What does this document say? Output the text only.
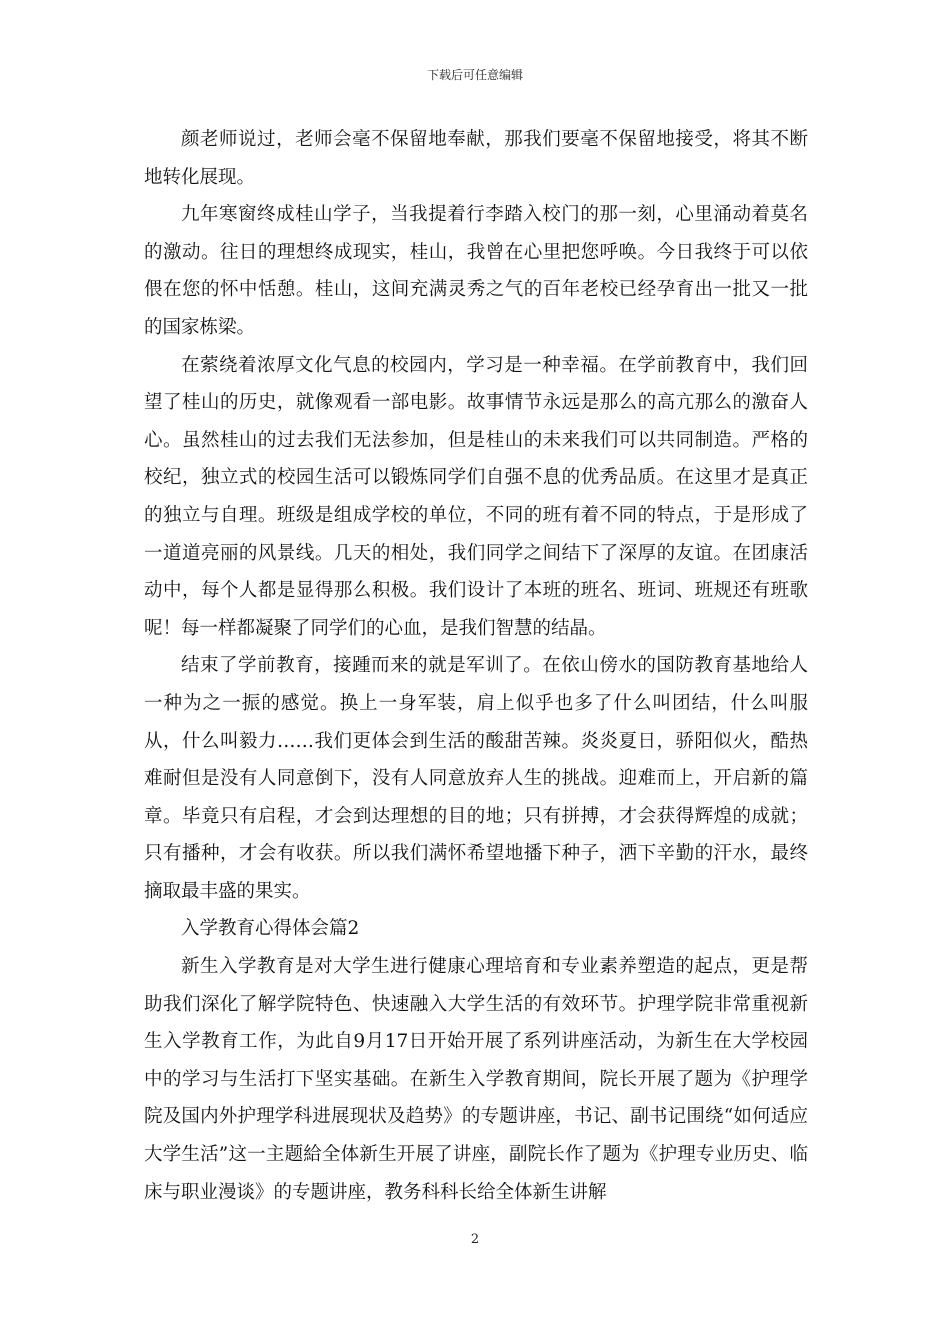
下载后可任意编辑

颜老师说过，老师会毫不保留地奉献，那我们要毫不保留地接受，将其不断地转化展现。

九年寒窗终成桂山学子，当我提着行李踏入校门的那一刻，心里涌动着莫名的激动。往日的理想终成现实，桂山，我曾在心里把您呼唤。今日我终于可以依偎在您的怀中恬憩。桂山，这间充满灵秀之气的百年老校已经孕育出一批又一批的国家栋梁。

在萦绕着浓厚文化气息的校园内，学习是一种幸福。在学前教育中，我们回望了桂山的历史，就像观看一部电影。故事情节永远是那么的高亢那么的激奋人心。虽然桂山的过去我们无法参加，但是桂山的未来我们可以共同制造。严格的校纪，独立式的校园生活可以锻炼同学们自强不息的优秀品质。在这里才是真正的独立与自理。班级是组成学校的单位，不同的班有着不同的特点，于是形成了一道道亮丽的风景线。几天的相处，我们同学之间结下了深厚的友谊。在团康活动中，每个人都是显得那么积极。我们设计了本班的班名、班词、班规还有班歌呢！每一样都凝聚了同学们的心血，是我们智慧的结晶。

结束了学前教育，接踵而来的就是军训了。在依山傍水的国防教育基地给人一种为之一振的感觉。换上一身军装，肩上似乎也多了什么叫团结，什么叫服从，什么叫毅力……我们更体会到生活的酸甜苦辣。炎炎夏日，骄阳似火，酷热难耐但是没有人同意倒下，没有人同意放弃人生的挑战。迎难而上，开启新的篇章。毕竟只有启程，才会到达理想的目的地；只有拼搏，才会获得辉煌的成就；只有播种，才会有收获。所以我们满怀希望地播下种子，洒下辛勤的汗水，最终摘取最丰盛的果实。

入学教育心得体会篇2

新生入学教育是对大学生进行健康心理培育和专业素养塑造的起点，更是帮助我们深化了解学院特色、快速融入大学生活的有效环节。护理学院非常重视新生入学教育工作，为此自9月17日开始开展了系列讲座活动，为新生在大学校园中的学习与生活打下坚实基础。在新生入学教育期间，院长开展了题为《护理学院及国内外护理学科进展现状及趋势》的专题讲座，书记、副书记围绕“如何适应大学生活”这一主题給全体新生开展了讲座，副院长作了题为《护理专业历史、临床与职业漫谈》的专题讲座，教务科科长给全体新生讲解

2
